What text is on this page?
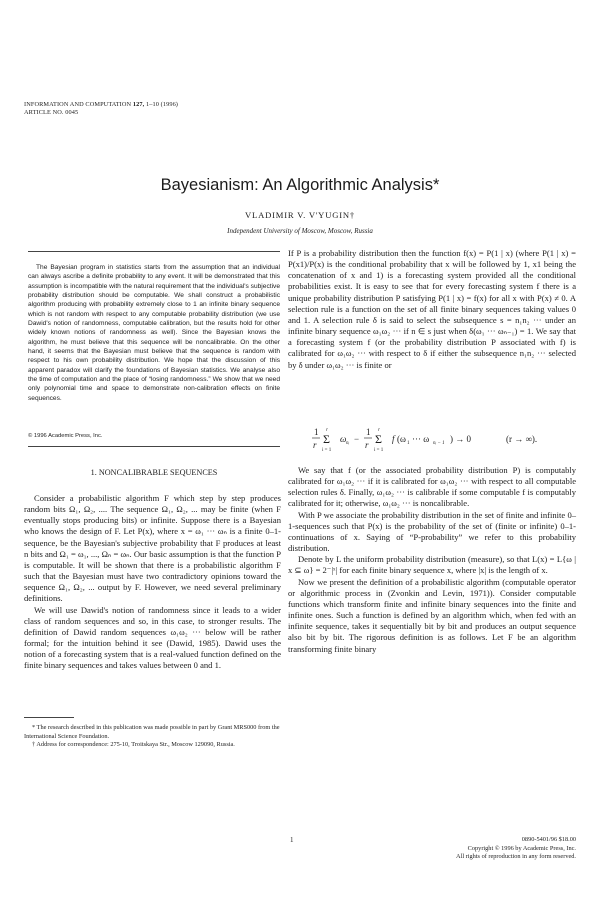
INFORMATION AND COMPUTATION 127, 1–10 (1996)
ARTICLE NO. 0045
Bayesianism: An Algorithmic Analysis*
VLADIMIR V. V'YUGIN†
Independent University of Moscow, Moscow, Russia

The Bayesian program in statistics starts from the assumption that an individual can always ascribe a definite probability to any event. It will be demonstrated that this assumption is incompatible with the natural requirement that the individual's subjective probability distribution should be computable. We shall construct a probabilistic algorithm producing with probability extremely close to 1 an infinite binary sequence which is not random with respect to any computable probability distribution (we use Dawid's notion of randomness, computable calibration, but the results hold for other widely known notions of randomness as well). Since the Bayesian knows the algorithm, he must believe that this sequence will be noncalibrable. On the other hand, it seems that the Bayesian must believe that the sequence is random with respect to his own probability distribution. We hope that the discussion of this apparent paradox will clarify the foundations of Bayesian statistics. We analyse also the time of computation and the place of “losing randomness.” We show that we need only polynomial time and space to demonstrate non-calibration effects on finite sequences.

© 1996 Academic Press, Inc.
1. NONCALIBRABLE SEQUENCES

Consider a probabilistic algorithm F which step by step produces random bits Ω₁, Ω₂, .... The sequence Ω₁, Ω₂, ... may be finite (when F eventually stops producing bits) or infinite. Suppose there is a Bayesian who knows the design of F. Let P(x), where x = ω₁ ··· ωₙ is a finite 0–1-sequence, be the Bayesian's subjective probability that F produces at least n bits and Ω₁ = ω₁, ..., Ωₙ = ωₙ. Our basic assumption is that the function P is computable. It will be shown that there is a probabilistic algorithm F such that the Bayesian must have two contradictory opinions toward the sequence Ω₁, Ω₂, ... output by F. However, we need several preliminary definitions.

We will use Dawid's notion of randomness since it leads to a wider class of random sequences and so, in this case, to stronger results. The definition of Dawid random sequences ω₁ω₂ ··· below will be rather formal; for the intuition behind it see (Dawid, 1985). Dawid uses the notion of a forecasting system that is a real-valued function defined on the finite binary sequences and takes values between 0 and 1.

* The research described in this publication was made possible in part by Grant MRS000 from the International Science Foundation.

† Address for correspondence: 275-10, Troitskaya Str., Moscow 129090, Russia.

If P is a probability distribution then the function f(x) = P(1 | x) (where P(1 | x) = P(x1)/P(x) is the conditional probability that x will be followed by 1, x1 being the concatenation of x and 1) is a forecasting system provided all the conditional probabilities exist. It is easy to see that for every forecasting system f there is a unique probability distribution P satisfying P(1 | x) = f(x) for all x with P(x) ≠ 0. A selection rule is a function on the set of all finite binary sequences taking values 0 and 1. A selection rule δ is said to select the subsequence s = n₁n₂ ··· under an infinite binary sequence ω₁ω₂ ··· if n ∈ s just when δ(ω₁ ··· ωₙ₋₁) = 1. We say that a forecasting system f (or the probability distribution P associated with f) is calibrated for ω₁ω₂ ··· with respect to δ if either the subsequence n₁n₂ ··· selected by δ under ω₁ω₂ ··· is finite or

1
r
r
Σ
i = 1
ω nᵢ −
1
r
r
Σ
i = 1
f (ω 1 ··· ω nᵢ − 1 ) → 0	(r → ∞).

We say that f (or the associated probability distribution P) is computably calibrated for ω₁ω₂ ··· if it is calibrated for ω₁ω₂ ··· with respect to all computable selection rules δ. Finally, ω₁ω₂ ··· is calibrable if some computable f is computably calibrated for it; otherwise, ω₁ω₂ ··· is noncalibrable.

With P we associate the probability distribution in the set of finite and infinite 0–1-sequences such that P(x) is the probability of the set of (finite or infinite) 0–1-continuations of x. Saying of “P-probability” we refer to this probability distribution.

Denote by L the uniform probability distribution (measure), so that L(x) = L{ω | x ⊆ ω} = 2⁻|ˣ| for each finite binary sequence x, where |x| is the length of x.

Now we present the definition of a probabilistic algorithm (computable operator or algorithmic process in (Zvonkin and Levin, 1971)). Consider computable functions which transform finite and infinite binary sequences into the finite and infinite ones. Such a function is defined by an algorithm which, when fed with an infinite sequence, takes it sequentially bit by bit and produces an output sequence also bit by bit. The rigorous definition is as follows. Let F be an algorithm transforming finite binary

1	0890-5401/96 $18.00
Copyright © 1996 by Academic Press, Inc.
All rights of reproduction in any form reserved.
